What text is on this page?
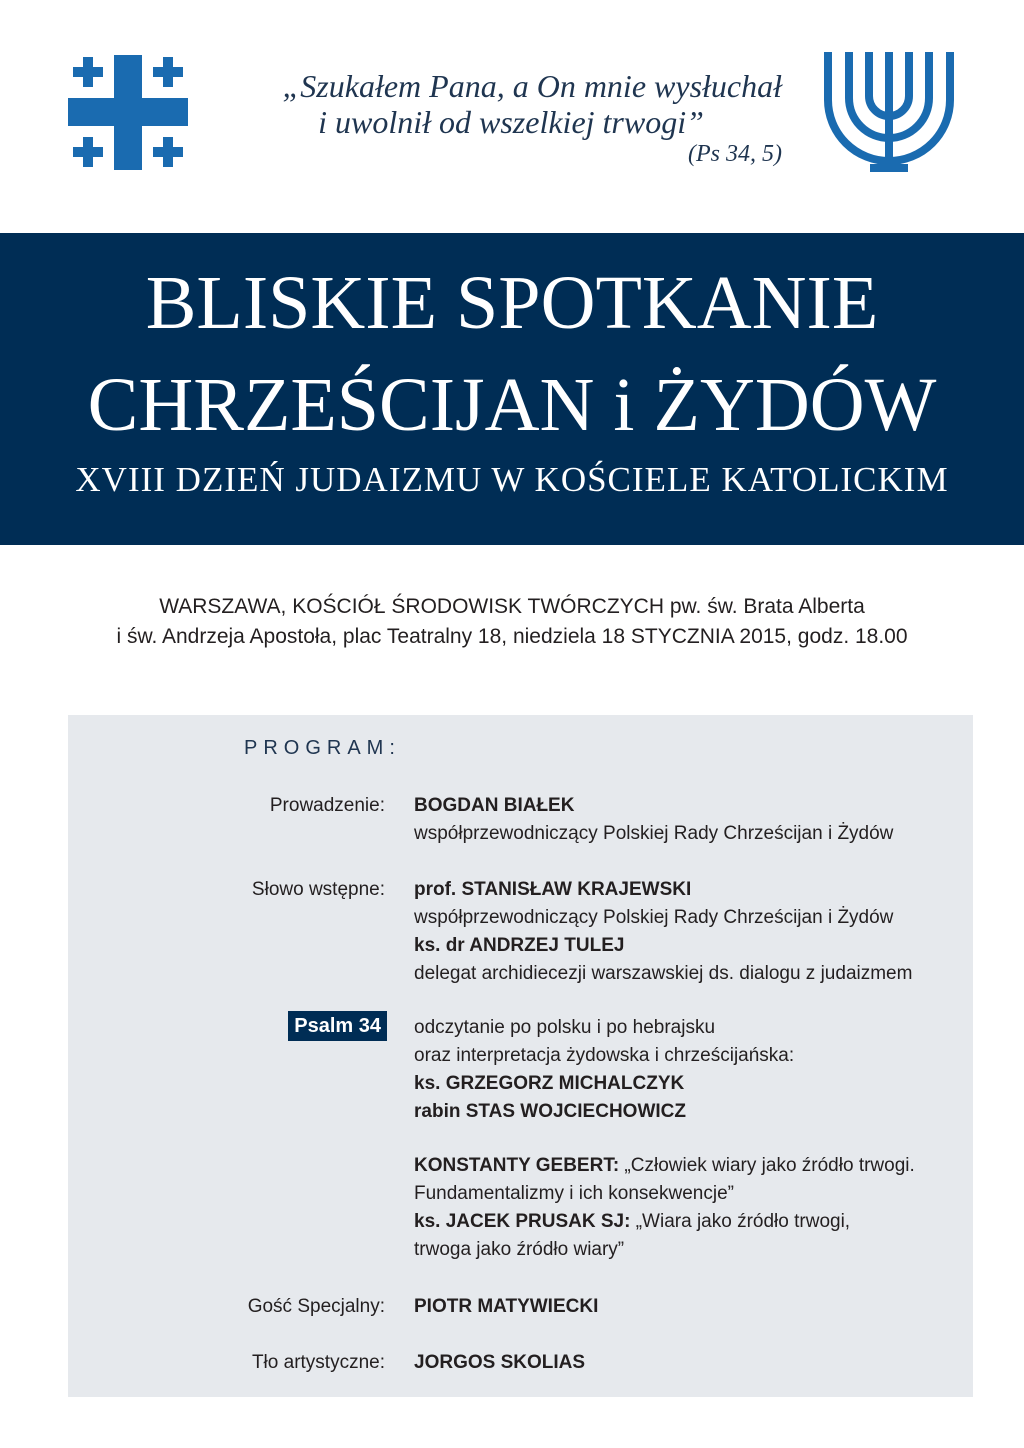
„Szukałem Pana, a On mnie wysłuchał
i uwolnił od wszelkiej trwogi”
(Ps 34, 5)
BLISKIE SPOTKANIE
CHRZEŚCIJAN i ŻYDÓW
XVIII DZIEŃ JUDAIZMU W KOŚCIELE KATOLICKIM
WARSZAWA, KOŚCIÓŁ ŚRODOWISK TWÓRCZYCH pw. św. Brata Alberta
i św. Andrzeja Apostoła, plac Teatralny 18, niedziela 18 STYCZNIA 2015, godz. 18.00
PROGRAM:
Prowadzenie: BOGDAN BIAŁEK
współprzewodniczący Polskiej Rady Chrześcijan i Żydów
Słowo wstępne: prof. STANISŁAW KRAJEWSKI
współprzewodniczący Polskiej Rady Chrześcijan i Żydów
ks. dr ANDRZEJ TULEJ
delegat archidiecezji warszawskiej ds. dialogu z judaizmem
Psalm 34	odczytanie po polsku i po hebrajsku
oraz interpretacja żydowska i chrześcijańska:
ks. GRZEGORZ MICHALCZYK
rabin STAS WOJCIECHOWICZ
KONSTANTY GEBERT: „Człowiek wiary jako źródło trwogi.
Fundamentalizmy i ich konsekwencje”
ks. JACEK PRUSAK SJ: „Wiara jako źródło trwogi,
trwoga jako źródło wiary”
Gość Specjalny: PIOTR MATYWIECKI
Tło artystyczne: JORGOS SKOLIAS
